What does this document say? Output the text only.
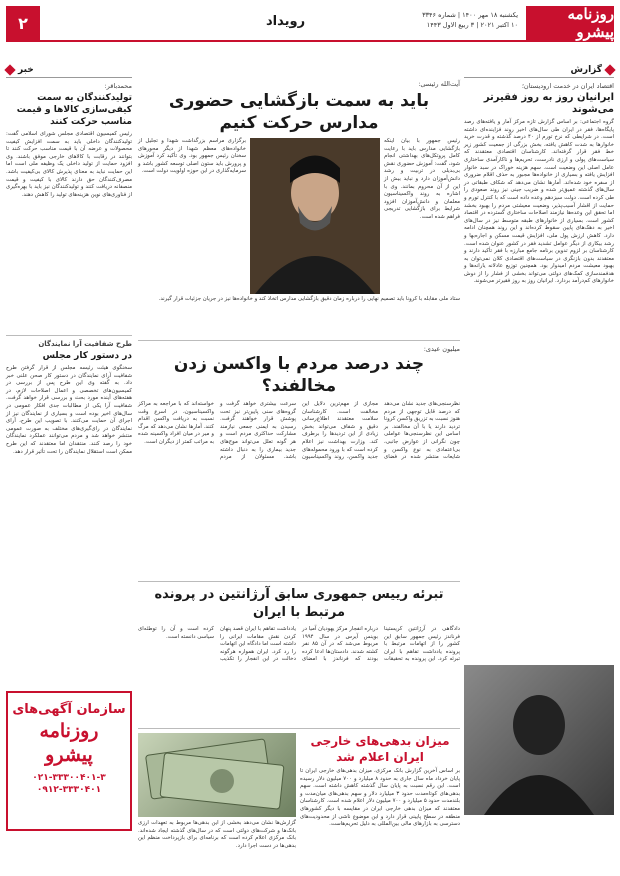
روزنامه پیشرو
یکشنبه ۱۸ مهر ۱۴۰۰ | شماره ۳۳۴۶
۱۰ اکتبر ۲۰۲۱ | ۳ ربیع الاول ۱۴۴۳
رویداد
۲
گزارش
اقتصاد ایران در خدمت ارودیستان؛
ایرانیان روز به روز فقیرتر می‌شوند
گروه اجتماعی: بر اساس گزارش تازه مرکز آمار و یافته‌های رصد پایگاه‌ها، فقر در ایران طی سال‌های اخیر روند فزاینده‌ای داشته است. در شرایطی که نرخ تورم از ۴۰ درصد گذشته و قدرت خرید خانوارها به شدت کاهش یافته، بخش بزرگی از جمعیت کشور زیر خط فقر قرار گرفته‌اند. کارشناسان اقتصادی معتقدند که سیاست‌های پولی و ارزی نادرست، تحریم‌ها و ناکارآمدی ساختاری عامل اصلی این وضعیت است. سهم هزینه خوراک در سبد خانوار افزایش یافته و بسیاری از خانواده‌ها مجبور به حذف اقلام ضروری از سفره خود شده‌اند. آمارها نشان می‌دهد که شکاف طبقاتی در سال‌های گذشته عمیق‌تر شده و ضریب جینی نیز روند صعودی را طی کرده است. دولت سیزدهم وعده داده است که با کنترل تورم و حمایت از اقشار آسیب‌پذیر، وضعیت معیشتی مردم را بهبود بخشد اما تحقق این وعده‌ها نیازمند اصلاحات ساختاری گسترده در اقتصاد کشور است. بسیاری از خانوارهای طبقه متوسط نیز در سال‌های اخیر به دهک‌های پایین سقوط کرده‌اند و این روند همچنان ادامه دارد. کاهش ارزش پول ملی، افزایش قیمت مسکن و اجاره‌بها و رشد بیکاری از دیگر عوامل تشدید فقر در کشور عنوان شده است. کارشناسان بر لزوم تدوین برنامه جامع مبارزه با فقر تأکید دارند و معتقدند بدون بازنگری در سیاست‌های اقتصادی کلان نمی‌توان به بهبود معیشت مردم امیدوار بود. همچنین توزیع عادلانه یارانه‌ها و هدفمندسازی کمک‌های دولتی می‌تواند بخشی از فشار را از دوش خانوارهای کم‌درآمد بردارد. ایرانیان روز به روز فقیرتر می‌شوند.
خبر
محمدباقر:
تولیدکنندگان به سمت کیفی‌سازی کالاها و قیمت مناسب حرکت کنند
رئیس کمیسیون اقتصادی مجلس شورای اسلامی گفت: تولیدکنندگان داخلی باید به سمت افزایش کیفیت محصولات و عرضه آن با قیمت مناسب حرکت کنند تا بتوانند در رقابت با کالاهای خارجی موفق باشند. وی افزود حمایت از تولید داخلی یک وظیفه ملی است اما این حمایت نباید به معنای پذیرش کالای بی‌کیفیت باشد. مصرف‌کنندگان حق دارند کالای با کیفیت و قیمت منصفانه دریافت کنند و تولیدکنندگان نیز باید با بهره‌گیری از فناوری‌های نوین هزینه‌های تولید را کاهش دهند.
طرح شفافیت آرا نمایندگان
در دستور کار مجلس
سخنگوی هیئت رئیسه مجلس از قرار گرفتن طرح شفافیت آرای نمایندگان در دستور کار صحن علنی خبر داد. به گفته وی این طرح پس از بررسی در کمیسیون‌های تخصصی و اعمال اصلاحات لازم، در هفته‌های آینده مورد بحث و بررسی قرار خواهد گرفت. شفافیت آرا یکی از مطالبات جدی افکار عمومی در سال‌های اخیر بوده است و بسیاری از نمایندگان نیز از اجرای آن حمایت می‌کنند. با تصویب این طرح، آرای نمایندگان در رای‌گیری‌های مختلف به صورت عمومی منتشر خواهد شد و مردم می‌توانند عملکرد نمایندگان خود را رصد کنند. منتقدان اما معتقدند که این طرح ممکن است استقلال نمایندگان را تحت تأثیر قرار دهد.
سازمان آگهی‌های
روزنامه
پیشرو
۰۲۱-۳۳۳۰۰۴۰۱-۳
۰۹۱۲-۳۳۳۰۴۰۱
آیت‌الله رئیسی:
باید به سمت بازگشایی حضوری مدارس حرکت کنیم
رئیس جمهور با بیان اینکه بازگشایی مدارس باید با رعایت کامل پروتکل‌های بهداشتی انجام شود، گفت: آموزش حضوری نقش بی‌بدیلی در تربیت و رشد دانش‌آموزان دارد و نباید بیش از این از آن محروم بمانند. وی با اشاره به روند واکسیناسیون معلمان و دانش‌آموزان افزود شرایط برای بازگشایی تدریجی فراهم شده است.
برگزاری مراسم بزرگداشت شهدا و تجلیل از خانواده‌های معظم شهدا از دیگر محورهای سخنان رئیس جمهور بود. وی تأکید کرد آموزش و پرورش باید ستون اصلی توسعه کشور باشد و سرمایه‌گذاری در این حوزه اولویت دولت است.
ستاد ملی مقابله با کرونا باید تصمیم نهایی را درباره زمان دقیق بازگشایی مدارس اتخاذ کند و خانواده‌ها نیز در جریان جزئیات قرار گیرند.
میلیون عیدی:
چند درصد مردم با واکسن زدن مخالفند؟
نظرسنجی‌های جدید نشان می‌دهد که درصد قابل توجهی از مردم هنوز نسبت به تزریق واکسن کرونا تردید دارند یا با آن مخالفند. بر اساس این نظرسنجی‌ها عواملی چون نگرانی از عوارض جانبی، بی‌اعتمادی به نوع واکسن و شایعات منتشر شده در فضای مجازی از مهم‌ترین دلایل این مخالفت است. کارشناسان سلامت معتقدند اطلاع‌رسانی دقیق و شفاف می‌تواند بخش زیادی از این تردیدها را برطرف کند. وزارت بهداشت نیز اعلام کرده است که با ورود محموله‌های جدید واکسن، روند واکسیناسیون سرعت بیشتری خواهد گرفت و گروه‌های سنی پایین‌تر نیز تحت پوشش قرار خواهند گرفت. رسیدن به ایمنی جمعی نیازمند مشارکت حداکثری مردم است و هر گونه تعلل می‌تواند موج‌های جدید بیماری را به دنبال داشته باشد. مسئولان از مردم خواسته‌اند که با مراجعه به مراکز واکسیناسیون، در اسرع وقت نسبت به دریافت واکسن اقدام کنند. آمارها نشان می‌دهد که مرگ و میر در میان افراد واکسینه شده به مراتب کمتر از دیگران است.
تبرئه رییس جمهوری سابق آرژانتین در پرونده مرتبط با ایران
دادگاهی در آرژانتین کریستینا فرناندز رئیس جمهور سابق این کشور را از اتهامات مرتبط با پرونده یادداشت تفاهم با ایران تبرئه کرد. این پرونده به تحقیقات درباره انفجار مرکز یهودیان آمیا در بوینس آیرس در سال ۱۹۹۴ مربوط می‌شد که در آن ۸۵ نفر کشته شدند. دادستان‌ها ادعا کرده بودند که فرناندز با امضای یادداشت تفاهم با ایران قصد پنهان کردن نقش مقامات ایرانی را داشته است اما دادگاه این اتهامات را رد کرد. ایران همواره هرگونه دخالت در این انفجار را تکذیب کرده است و آن را توطئه‌ای سیاسی دانسته است.
میزان بدهی‌های خارجی ایران اعلام شد
بر اساس آخرین گزارش بانک مرکزی، میزان بدهی‌های خارجی ایران تا پایان خرداد ماه سال جاری به حدود ۸ میلیارد و ۷۰۰ میلیون دلار رسیده است. این رقم نسبت به پایان سال گذشته کاهش داشته است. سهم بدهی‌های کوتاه‌مدت حدود ۳ میلیارد دلار و سهم بدهی‌های میان‌مدت و بلندمدت حدود ۵ میلیارد و ۷۰۰ میلیون دلار اعلام شده است. کارشناسان معتقدند که میزان بدهی خارجی ایران در مقایسه با دیگر کشورهای منطقه در سطح پایینی قرار دارد و این موضوع ناشی از محدودیت‌های دسترسی به بازارهای مالی بین‌المللی به دلیل تحریم‌هاست.
گزارش‌ها نشان می‌دهد بخشی از این بدهی‌ها مربوط به تعهدات ارزی بانک‌ها و شرکت‌های دولتی است که در سال‌های گذشته ایجاد شده‌اند. بانک مرکزی اعلام کرده است که برنامه‌ای برای بازپرداخت منظم این بدهی‌ها در دست اجرا دارد.
